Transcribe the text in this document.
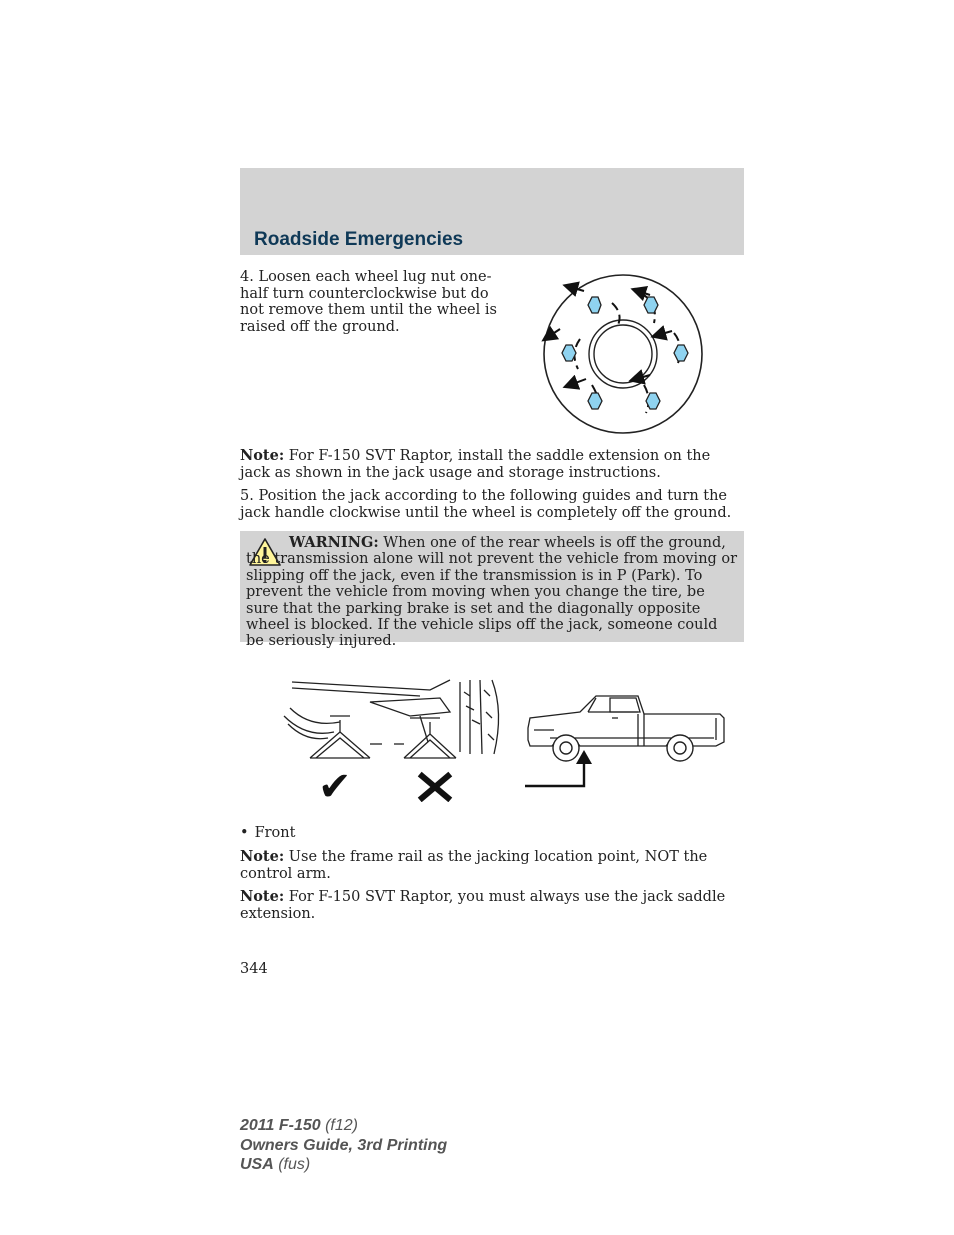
Roadside Emergencies
4. Loosen each wheel lug nut one-half turn counterclockwise but do not remove them until the wheel is raised off the ground.
Note: For F-150 SVT Raptor, install the saddle extension on the jack as shown in the jack usage and storage instructions.
5. Position the jack according to the following guides and turn the jack handle clockwise until the wheel is completely off the ground.
WARNING: When one of the rear wheels is off the ground, the transmission alone will not prevent the vehicle from moving or slipping off the jack, even if the transmission is in P (Park). To prevent the vehicle from moving when you change the tire, be sure that the parking brake is set and the diagonally opposite wheel is blocked. If the vehicle slips off the jack, someone could be seriously injured.
✔
• Front
Note: Use the frame rail as the jacking location point, NOT the control arm.
Note: For F-150 SVT Raptor, you must always use the jack saddle extension.
344
2011 F-150 (f12)
Owners Guide, 3rd Printing
USA (fus)
